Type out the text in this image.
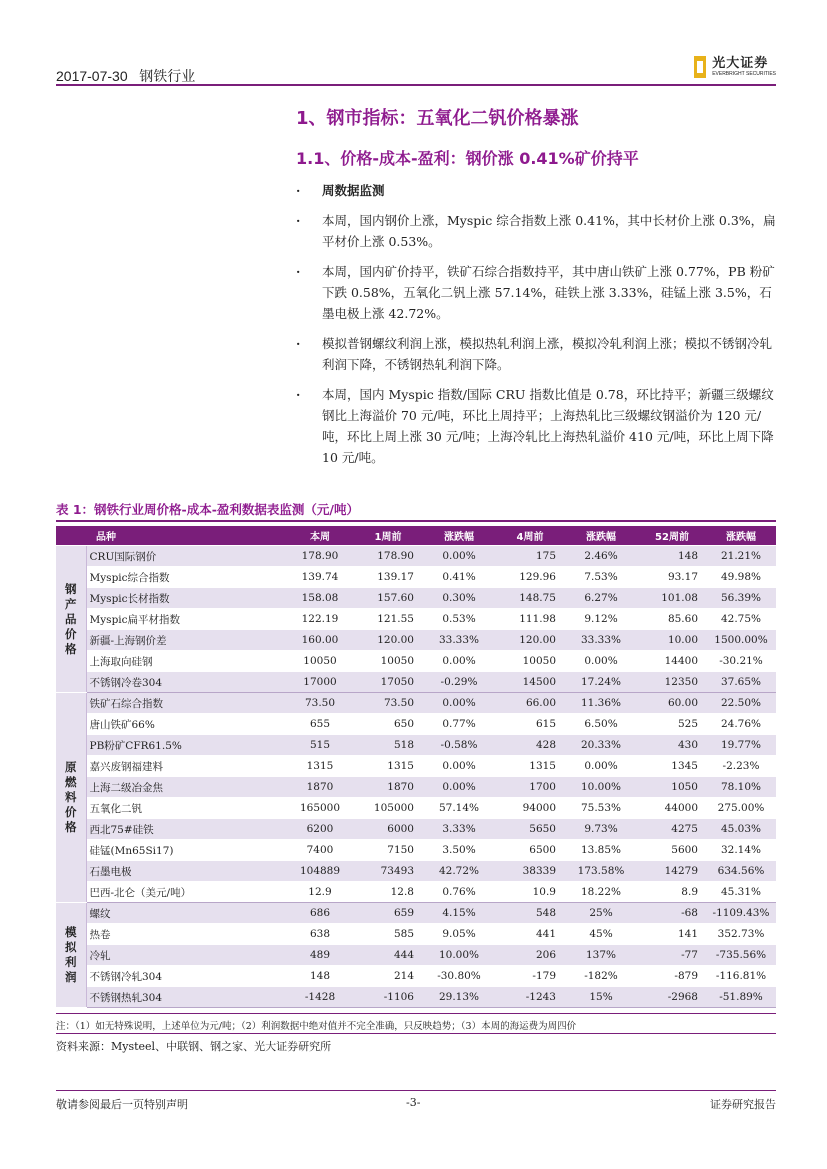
2017-07-30 钢铁行业
光大证券
EVERBRIGHT SECURITIES
1、钢市指标：五氧化二钒价格暴涨
1.1、价格-成本-盈利：钢价涨 0.41%矿价持平
· 周数据监测
· 本周，国内钢价上涨，Myspic 综合指数上涨 0.41%，其中长材价上涨 0.3%，扁平材价上涨 0.53%。
· 本周，国内矿价持平，铁矿石综合指数持平，其中唐山铁矿上涨 0.77%，PB 粉矿下跌 0.58%，五氧化二钒上涨 57.14%，硅铁上涨 3.33%，硅锰上涨 3.5%，石墨电极上涨 42.72%。
· 模拟普钢螺纹利润上涨，模拟热轧利润上涨，模拟冷轧利润上涨；模拟不锈钢冷轧利润下降，不锈钢热轧利润下降。
· 本周，国内 Myspic 指数/国际 CRU 指数比值是 0.78，环比持平；新疆三级螺纹钢比上海溢价 70 元/吨，环比上周持平；上海热轧比三级螺纹钢溢价为 120 元/吨，环比上周上涨 30 元/吨；上海冷轧比上海热轧溢价 410 元/吨，环比上周下降 10 元/吨。
表 1：钢铁行业周价格-成本-盈利数据表监测（元/吨）
	品种	本周	1周前	涨跌幅	4周前	涨跌幅	52周前	涨跌幅

钢
产
品
价
格	CRU国际钢价	178.90	178.90	0.00%	175	2.46%	148	21.21%
	Myspic综合指数	139.74	139.17	0.41%	129.96	7.53%	93.17	49.98%
	Myspic长材指数	158.08	157.60	0.30%	148.75	6.27%	101.08	56.39%
	Myspic扁平材指数	122.19	121.55	0.53%	111.98	9.12%	85.60	42.75%
	新疆-上海钢价差	160.00	120.00	33.33%	120.00	33.33%	10.00	1500.00%
	上海取向硅钢	10050	10050	0.00%	10050	0.00%	14400	-30.21%
	不锈钢冷卷304	17000	17050	-0.29%	14500	17.24%	12350	37.65%

原
燃
料
价
格	铁矿石综合指数	73.50	73.50	0.00%	66.00	11.36%	60.00	22.50%
	唐山铁矿66%	655	650	0.77%	615	6.50%	525	24.76%
	PB粉矿CFR61.5%	515	518	-0.58%	428	20.33%	430	19.77%
	嘉兴废钢福建料	1315	1315	0.00%	1315	0.00%	1345	-2.23%
	上海二级冶金焦	1870	1870	0.00%	1700	10.00%	1050	78.10%
	五氧化二钒	165000	105000	57.14%	94000	75.53%	44000	275.00%
	西北75#硅铁	6200	6000	3.33%	5650	9.73%	4275	45.03%
	硅锰(Mn65Si17)	7400	7150	3.50%	6500	13.85%	5600	32.14%
	石墨电极	104889	73493	42.72%	38339	173.58%	14279	634.56%
	巴西-北仑（美元/吨）	12.9	12.8	0.76%	10.9	18.22%	8.9	45.31%

模
拟
利
润	螺纹	686	659	4.15%	548	25%	-68	-1109.43%
	热卷	638	585	9.05%	441	45%	141	352.73%
	冷轧	489	444	10.00%	206	137%	-77	-735.56%
	不锈钢冷轧304	148	214	-30.80%	-179	-182%	-879	-116.81%
	不锈钢热轧304	-1428	-1106	29.13%	-1243	15%	-2968	-51.89%
注：（1）如无特殊说明，上述单位为元/吨；（2）利润数据中绝对值并不完全准确，只反映趋势；（3）本周的海运费为周四价
资料来源：Mysteel、中联钢、钢之家、光大证券研究所
敬请参阅最后一页特别声明	-3-	证券研究报告
